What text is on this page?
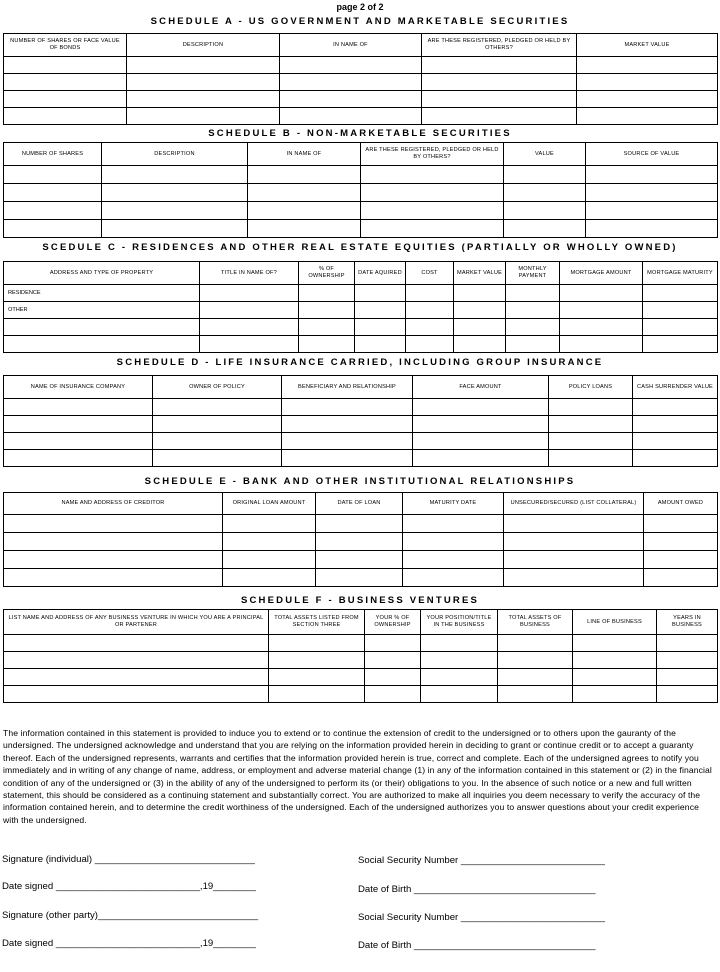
page 2 of 2
SCHEDULE A - US GOVERNMENT AND MARKETABLE SECURITIES
NUMBER OF SHARES OR FACE VALUE OF BONDS	DESCRIPTION	IN NAME OF	ARE THESE REGISTERED, PLEDGED OR HELD BY OTHERS?	MARKET VALUE

SCHEDULE B - NON-MARKETABLE SECURITIES
NUMBER OF SHARES	DESCRIPTION	IN NAME OF	ARE THESE REGISTERED, PLEDGED OR HELD BY OTHERS?	VALUE	SOURCE OF VALUE

SCEDULE C - RESIDENCES AND OTHER REAL ESTATE EQUITIES (PARTIALLY OR WHOLLY OWNED)
ADDRESS AND TYPE OF PROPERTY	TITLE IN NAME OF?	% OF OWNERSHIP	DATE AQUIRED	COST	MARKET VALUE	MONTHLY PAYMENT	MORTGAGE AMOUNT	MORTGAGE MATURITY
RESIDENCE								
OTHER								

SCHEDULE D - LIFE INSURANCE CARRIED, INCLUDING GROUP INSURANCE
NAME OF INSURANCE COMPANY	OWNER OF POLICY	BENEFICIARY AND RELATIONSHIP	FACE AMOUNT	POLICY LOANS	CASH SURRENDER VALUE

SCHEDULE E - BANK AND OTHER INSTITUTIONAL RELATIONSHIPS
NAME AND ADDRESS OF CREDITOR	ORIGINAL LOAN AMOUNT	DATE OF LOAN	MATURITY DATE	UNSECURED/SECURED (LIST COLLATERAL)	AMOUNT OWED

SCHEDULE F - BUSINESS VENTURES
LIST NAME AND ADDRESS OF ANY BUSINESS VENTURE IN WHICH YOU ARE A PRINCIPAL OR PARTENER	TOTAL ASSETS LISTED FROM SECTION THREE	YOUR % OF OWNERSHIP	YOUR POSITION/TITLE IN THE BUSINESS	TOTAL ASSETS OF BUSINESS	LINE OF BUSINESS	YEARS IN BUSINESS

The information contained in this statement is provided to induce you to extend or to continue the extension of credit to the undersigned or to others upon the gauranty of the undersigned. The undersigned acknowledge and understand that you are relying on the information provided herein in deciding to grant or continue credit or to accept a guaranty thereof. Each of the undersigned represents, warrants and certifies that the information provided herein is true, correct and complete. Each of the undersigned agrees to notify you immediately and in writing of any change of name, address, or employment and adverse material change (1) in any of the information contained in this statement or (2) in the financial condition of any of the undersigned or (3) in the ability of any of the undersigned to perform its (or their) obligations to you. In the absence of such notice or a new and full written statement, this should be considered as a continuing statement and substantially correct. You are authorized to make all inquiries you deem necessary to verify the accuracy of the information contained herein, and to determine the credit worthiness of the undersigned. Each of the undersigned authorizes you to answer questions about your credit experience with the undersigned.
Signature (individual) ______________________________	Social Security Number ___________________________
Date signed ___________________________,19________	Date of Birth __________________________________
Signature (other party)______________________________	Social Security Number ___________________________
Date signed ___________________________,19________	Date of Birth __________________________________
